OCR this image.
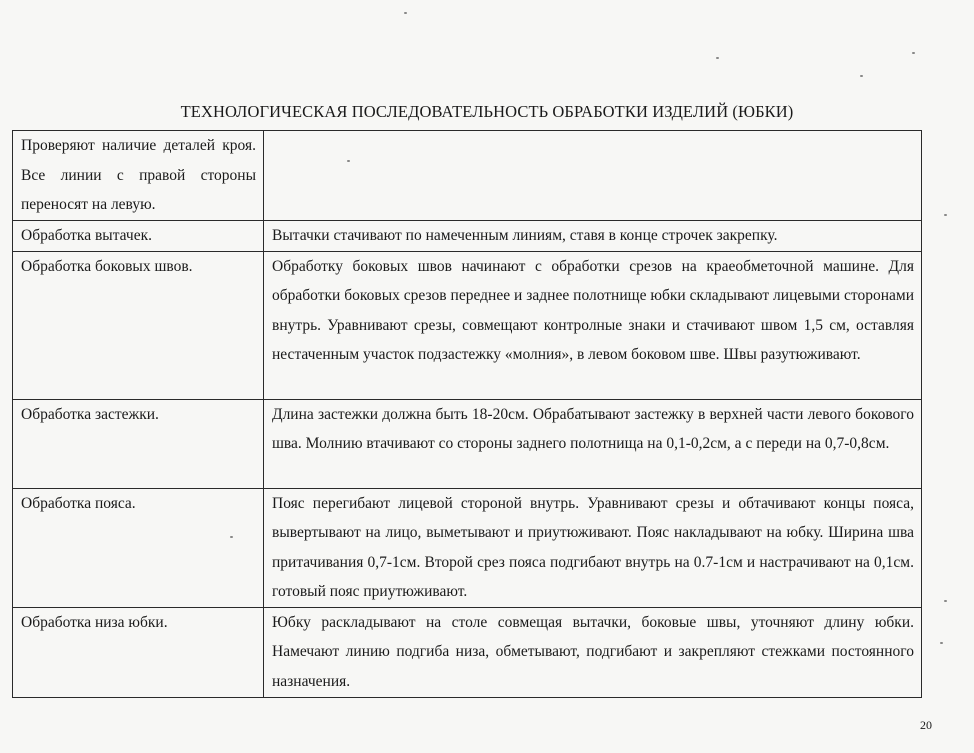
ТЕХНОЛОГИЧЕСКАЯ ПОСЛЕДОВАТЕЛЬНОСТЬ ОБРАБОТКИ ИЗДЕЛИЙ (ЮБКИ)
Проверяют наличие деталей кроя. Все линии с правой стороны переносят на левую.	
Обработка вытачек.	Вытачки стачивают по намеченным линиям, ставя в конце строчек закрепку.
Обработка боковых швов.	Обработку боковых швов начинают с обработки срезов на краеобметочной машине. Для обработки боковых срезов переднее и заднее полотнище юбки складывают лицевыми сторонами внутрь. Уравнивают срезы, совмещают контролные знаки и стачивают швом 1,5 см, оставляя нестаченным участок подзастежку «молния», в левом боковом шве. Швы разутюживают.
Обработка застежки.	Длина застежки должна быть 18-20см. Обрабатывают застежку в верхней части левого бокового шва. Молнию втачивают со стороны заднего полотнища на 0,1-0,2см, а с переди на 0,7-0,8см.
Обработка пояса.	Пояс перегибают лицевой стороной внутрь. Уравнивают срезы и обтачивают концы пояса, вывертывают на лицо, выметывают и приутюживают. Пояс накладывают на юбку. Ширина шва притачивания 0,7-1см. Второй срез пояса подгибают внутрь на 0.7-1см и настрачивают на 0,1см. готовый пояс приутюживают.
Обработка низа юбки.	Юбку раскладывают на столе совмещая вытачки, боковые швы, уточняют длину юбки. Намечают линию подгиба низа, обметывают, подгибают и закрепляют стежками постоянного назначения.
20
